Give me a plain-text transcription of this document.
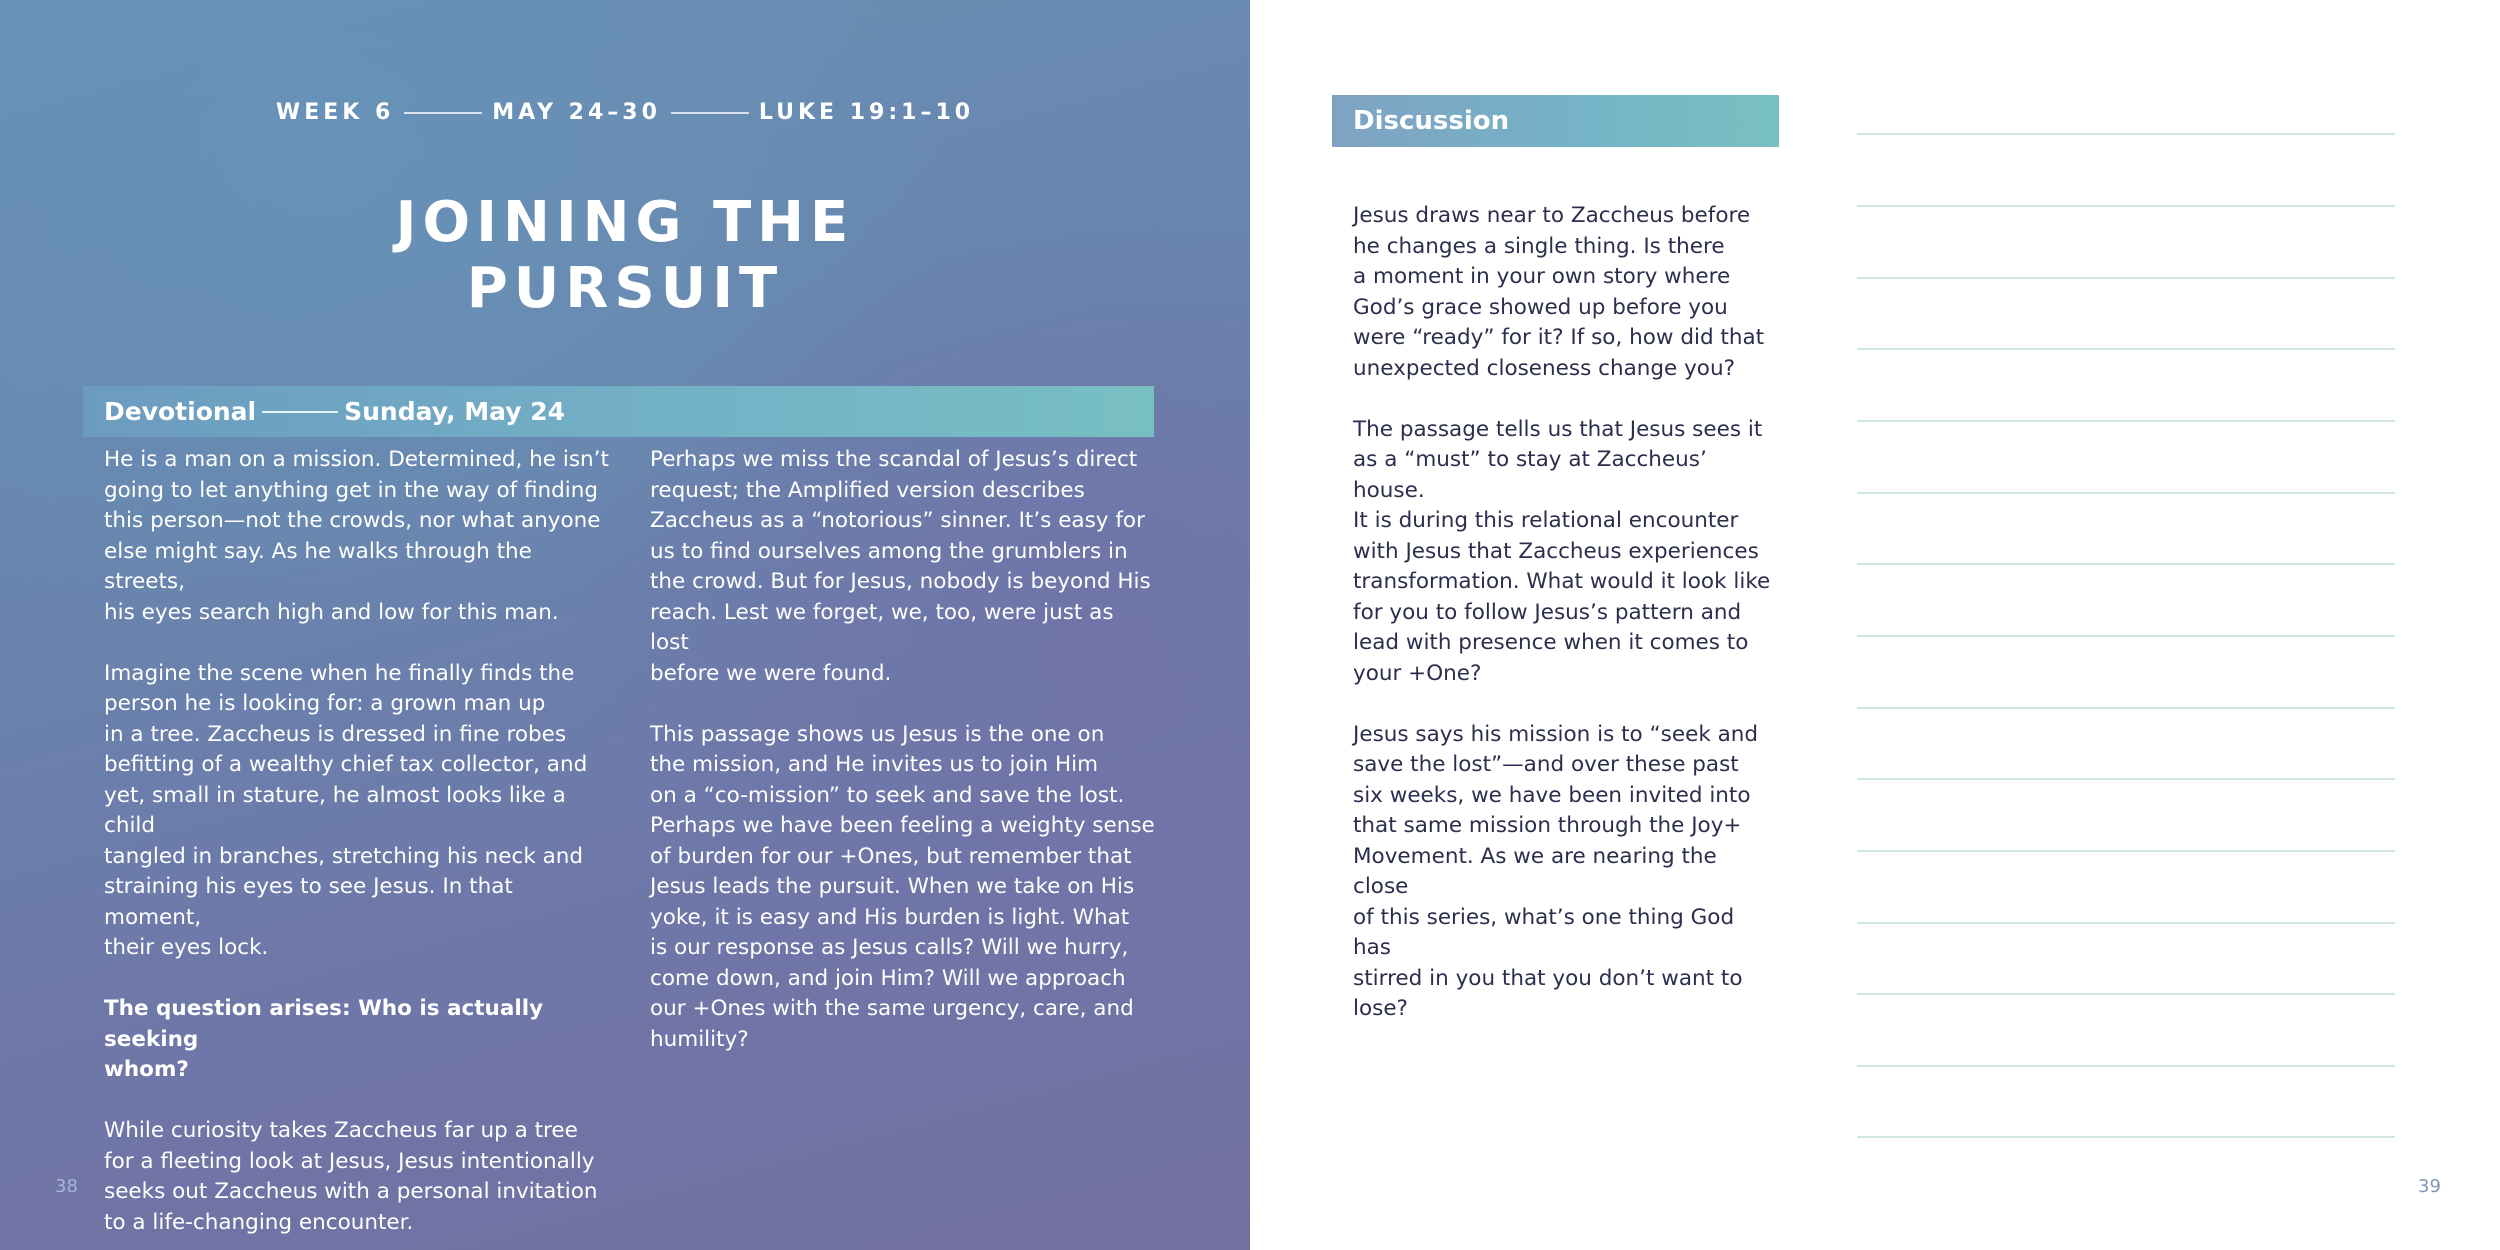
WEEK 6	MAY 24–30	LUKE 19:1–10
JOINING THE
PURSUIT
Devotional	Sunday, May 24

He is a man on a mission. Determined, he isn’t
going to let anything get in the way of finding
this person—not the crowds, nor what anyone
else might say. As he walks through the streets,
his eyes search high and low for this man.

Imagine the scene when he finally finds the
person he is looking for: a grown man up
in a tree. Zaccheus is dressed in fine robes
befitting of a wealthy chief tax collector, and
yet, small in stature, he almost looks like a child
tangled in branches, stretching his neck and
straining his eyes to see Jesus. In that moment,
their eyes lock.

The question arises: Who is actually seeking
whom?

While curiosity takes Zaccheus far up a tree
for a fleeting look at Jesus, Jesus intentionally
seeks out Zaccheus with a personal invitation
to a life-changing encounter.

Perhaps we miss the scandal of Jesus’s direct
request; the Amplified version describes
Zaccheus as a “notorious” sinner. It’s easy for
us to find ourselves among the grumblers in
the crowd. But for Jesus, nobody is beyond His
reach. Lest we forget, we, too, were just as lost
before we were found.

This passage shows us Jesus is the one on
the mission, and He invites us to join Him
on a “co-mission” to seek and save the lost.
Perhaps we have been feeling a weighty sense
of burden for our +Ones, but remember that
Jesus leads the pursuit. When we take on His
yoke, it is easy and His burden is light. What
is our response as Jesus calls? Will we hurry,
come down, and join Him? Will we approach
our +Ones with the same urgency, care, and
humility?

38
Discussion

Jesus draws near to Zaccheus before
he changes a single thing. Is there
a moment in your own story where
God’s grace showed up before you
were “ready” for it? If so, how did that
unexpected closeness change you?

The passage tells us that Jesus sees it
as a “must” to stay at Zaccheus’ house.
It is during this relational encounter
with Jesus that Zaccheus experiences
transformation. What would it look like
for you to follow Jesus’s pattern and
lead with presence when it comes to
your +One?

Jesus says his mission is to “seek and
save the lost”—and over these past
six weeks, we have been invited into
that same mission through the Joy+
Movement. As we are nearing the close
of this series, what’s one thing God has
stirred in you that you don’t want to
lose?

39
